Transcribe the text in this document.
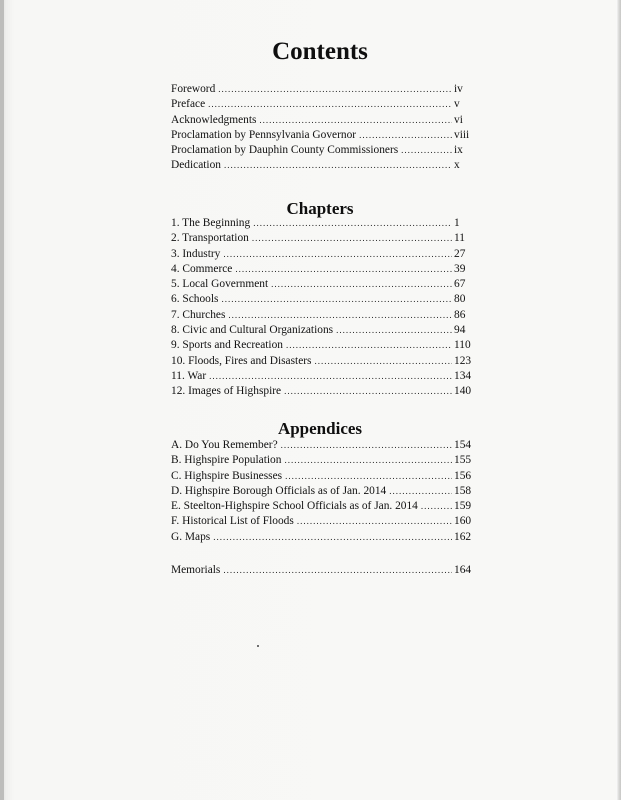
Contents
Foreword .....	iv
Preface .....	v
Acknowledgments .....	vi
Proclamation by Pennsylvania Governor .....	viii
Proclamation by Dauphin County Commissioners .....	ix
Dedication .....	x
Chapters
1. The Beginning .....	1
2. Transportation .....	11
3. Industry .....	27
4. Commerce .....	39
5. Local Government .....	67
6. Schools .....	80
7. Churches .....	86
8. Civic and Cultural Organizations .....	94
9. Sports and Recreation .....	110
10. Floods, Fires and Disasters .....	123
11. War .....	134
12. Images of Highspire .....	140
Appendices
A. Do You Remember? .....	154
B. Highspire Population .....	155
C. Highspire Businesses .....	156
D. Highspire Borough Officials as of Jan. 2014 .....	158
E. Steelton-Highspire School Officials as of Jan. 2014 .....	159
F. Historical List of Floods .....	160
G. Maps .....	162
Memorials .....	164
